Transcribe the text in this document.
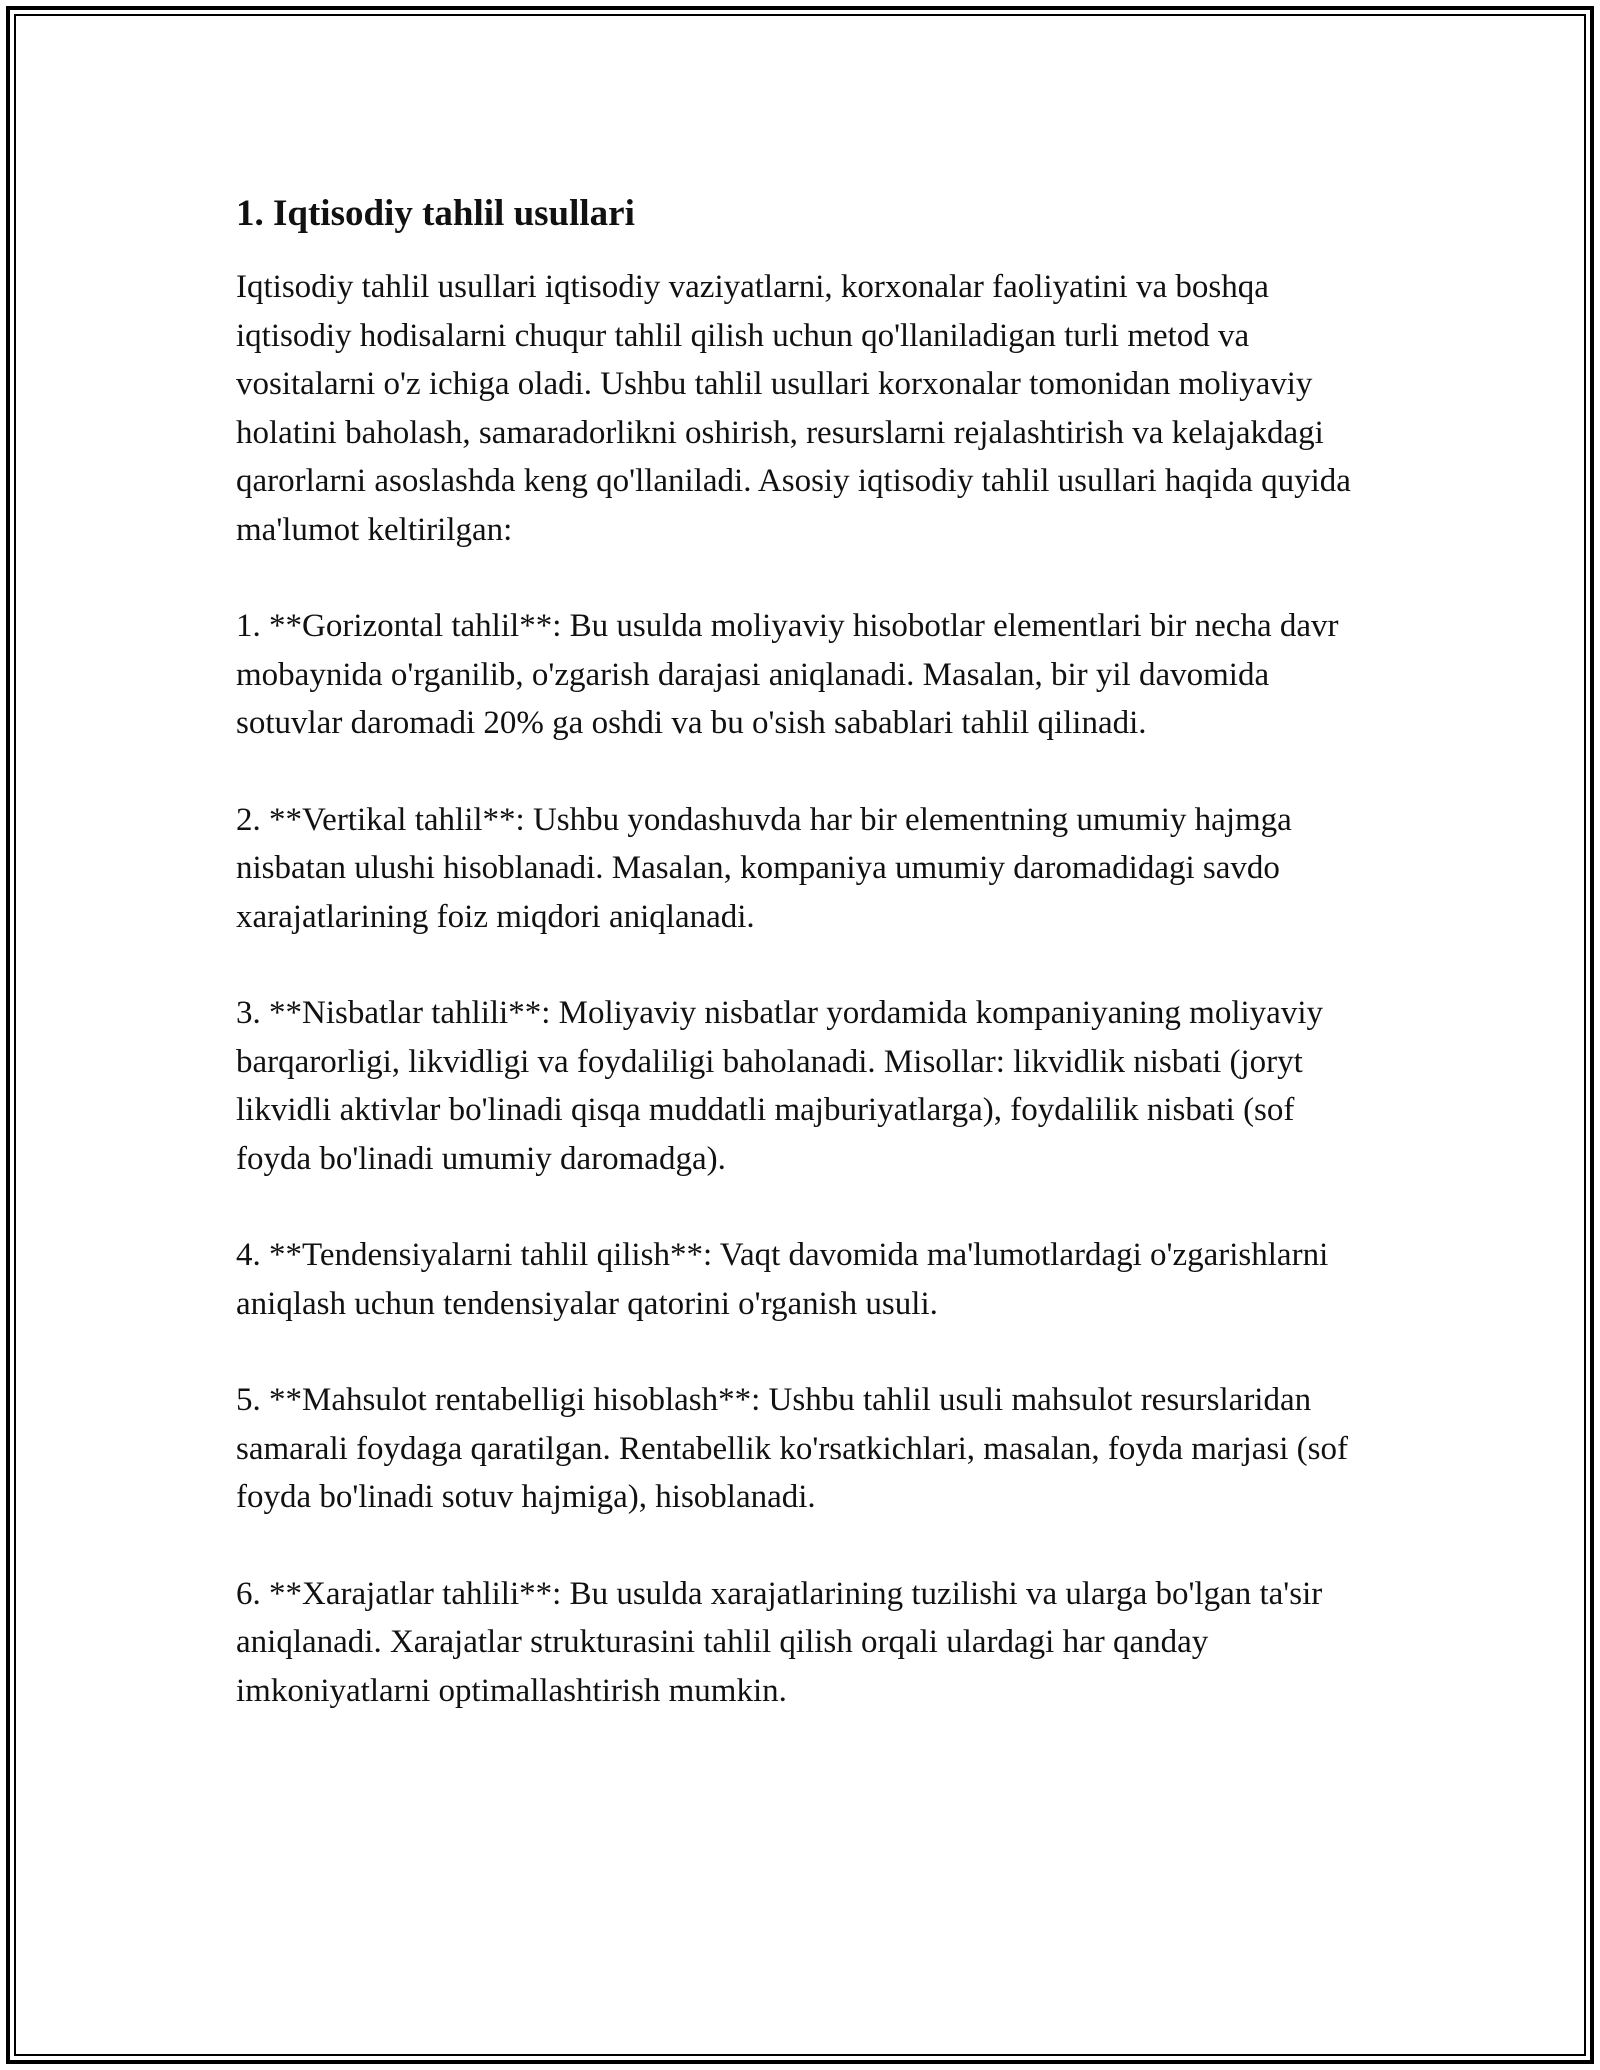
1. Iqtisodiy tahlil usullari

Iqtisodiy tahlil usullari iqtisodiy vaziyatlarni, korxonalar faoliyatini va boshqa iqtisodiy hodisalarni chuqur tahlil qilish uchun qo'llaniladigan turli metod va vositalarni o'z ichiga oladi. Ushbu tahlil usullari korxonalar tomonidan moliyaviy holatini baholash, samaradorlikni oshirish, resurslarni rejalashtirish va kelajakdagi qarorlarni asoslashda keng qo'llaniladi. Asosiy iqtisodiy tahlil usullari haqida quyida ma'lumot keltirilgan:

1. **Gorizontal tahlil**: Bu usulda moliyaviy hisobotlar elementlari bir necha davr mobaynida o'rganilib, o'zgarish darajasi aniqlanadi. Masalan, bir yil davomida sotuvlar daromadi 20% ga oshdi va bu o'sish sabablari tahlil qilinadi.

2. **Vertikal tahlil**: Ushbu yondashuvda har bir elementning umumiy hajmga nisbatan ulushi hisoblanadi. Masalan, kompaniya umumiy daromadidagi savdo xarajatlarining foiz miqdori aniqlanadi.

3. **Nisbatlar tahlili**: Moliyaviy nisbatlar yordamida kompaniyaning moliyaviy barqarorligi, likvidligi va foydaliligi baholanadi. Misollar: likvidlik nisbati (joryt likvidli aktivlar bo'linadi qisqa muddatli majburiyatlarga), foydalilik nisbati (sof foyda bo'linadi umumiy daromadga).

4. **Tendensiyalarni tahlil qilish**: Vaqt davomida ma'lumotlardagi o'zgarishlarni aniqlash uchun tendensiyalar qatorini o'rganish usuli.

5. **Mahsulot rentabelligi hisoblash**: Ushbu tahlil usuli mahsulot resurslaridan samarali foydaga qaratilgan. Rentabellik ko'rsatkichlari, masalan, foyda marjasi (sof foyda bo'linadi sotuv hajmiga), hisoblanadi.

6. **Xarajatlar tahlili**: Bu usulda xarajatlarining tuzilishi va ularga bo'lgan ta'sir aniqlanadi. Xarajatlar strukturasini tahlil qilish orqali ulardagi har qanday imkoniyatlarni optimallashtirish mumkin.
